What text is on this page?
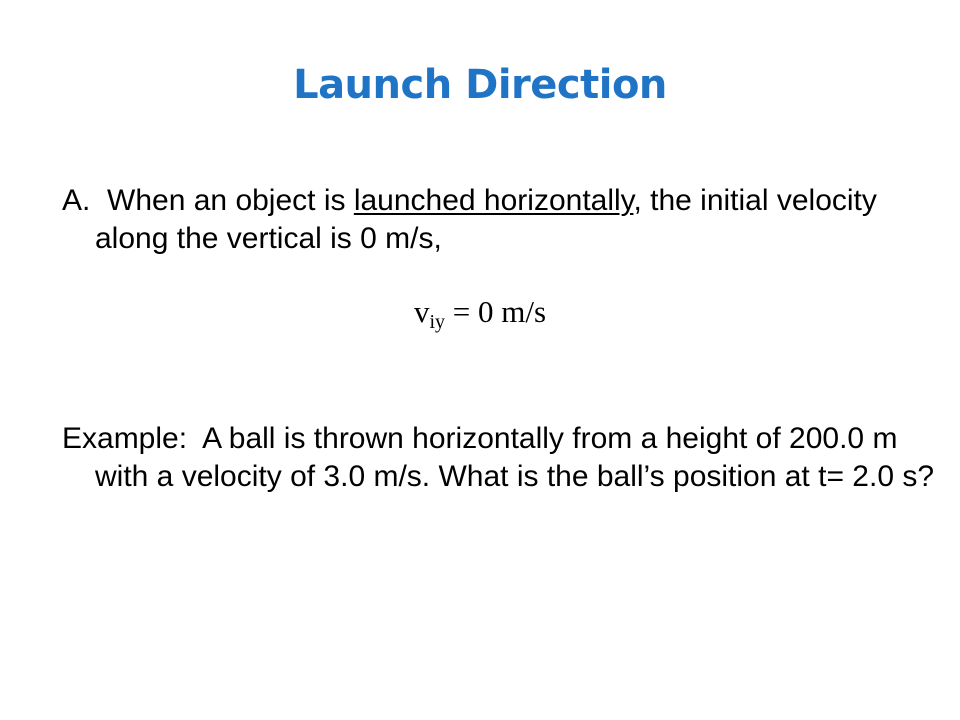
Launch Direction

A. When an object is launched horizontally, the initial velocity along the vertical is 0 m/s,

$v_{iy} = 0$ m/s

Example: A ball is thrown horizontally from a height of 200.0 m with a velocity of 3.0 m/s. What is the ball’s position at t= 2.0 s?
